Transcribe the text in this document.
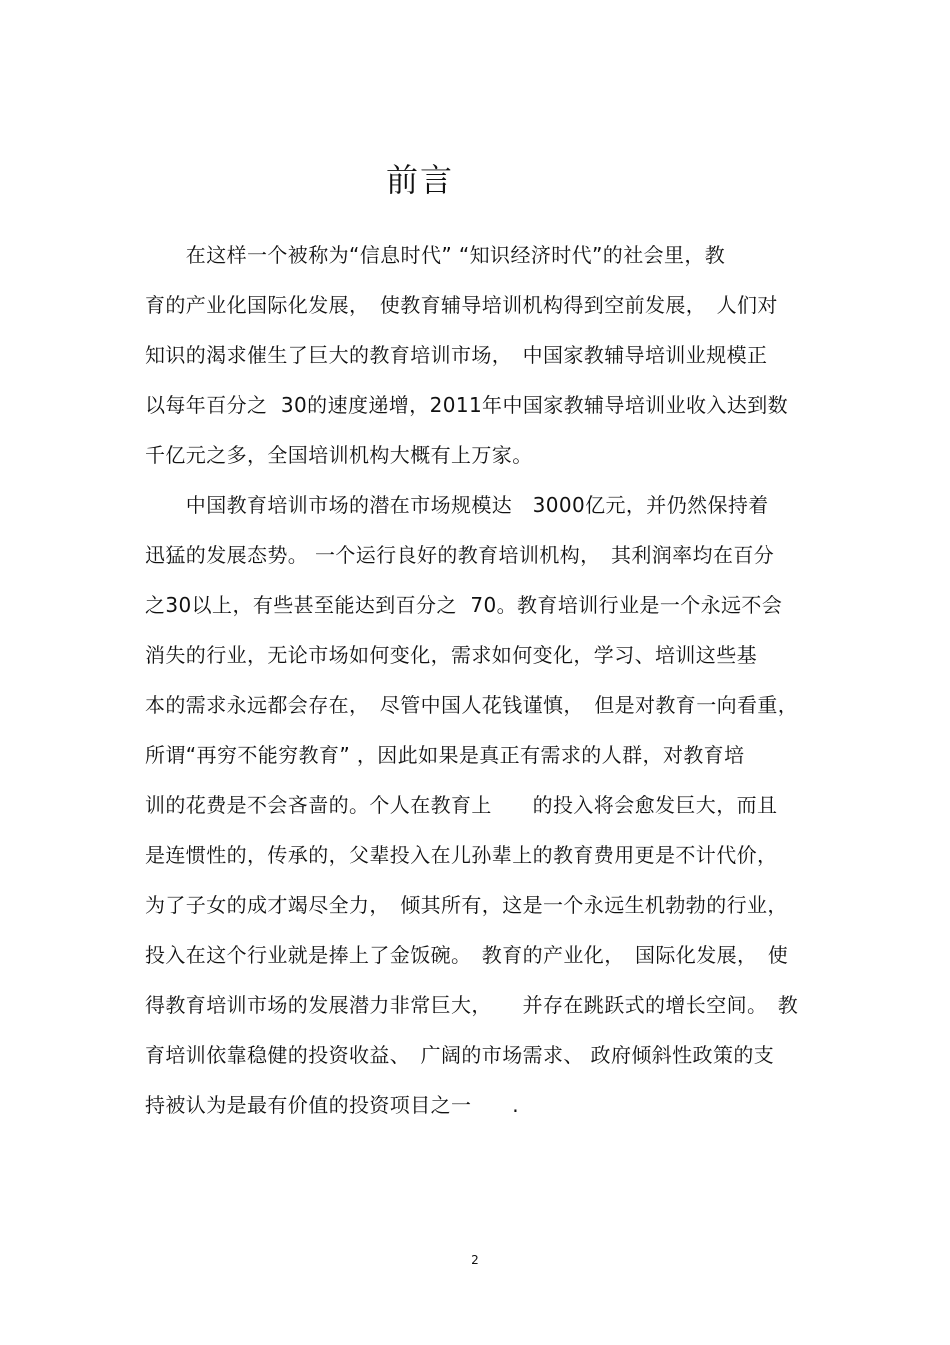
前言
　　在这样一个被称为“信息时代” “知识经济时代”的社会里，教
育的产业化国际化发展，　使教育辅导培训机构得到空前发展，　人们对
知识的渴求催生了巨大的教育培训市场，　中国家教辅导培训业规模正
以每年百分之  30的速度递增，2011年中国家教辅导培训业收入达到数
千亿元之多，全国培训机构大概有上万家。
　　中国教育培训市场的潜在市场规模达　3000亿元，并仍然保持着
迅猛的发展态势。 一个运行良好的教育培训机构，　其利润率均在百分
之30以上，有些甚至能达到百分之  70。教育培训行业是一个永远不会
消失的行业，无论市场如何变化，需求如何变化，学习、培训这些基
本的需求永远都会存在，　尽管中国人花钱谨慎，　但是对教育一向看重，
所谓“再穷不能穷教育” ，因此如果是真正有需求的人群，对教育培
训的花费是不会吝啬的。个人在教育上　　的投入将会愈发巨大，而且
是连惯性的，传承的，父辈投入在儿孙辈上的教育费用更是不计代价，
为了子女的成才竭尽全力，　倾其所有，这是一个永远生机勃勃的行业，
投入在这个行业就是捧上了金饭碗。　教育的产业化，　国际化发展，　使
得教育培训市场的发展潜力非常巨大，　　并存在跳跃式的增长空间。　教
育培训依靠稳健的投资收益、　广阔的市场需求、 政府倾斜性政策的支
持被认为是最有价值的投资项目之一　　.
2
